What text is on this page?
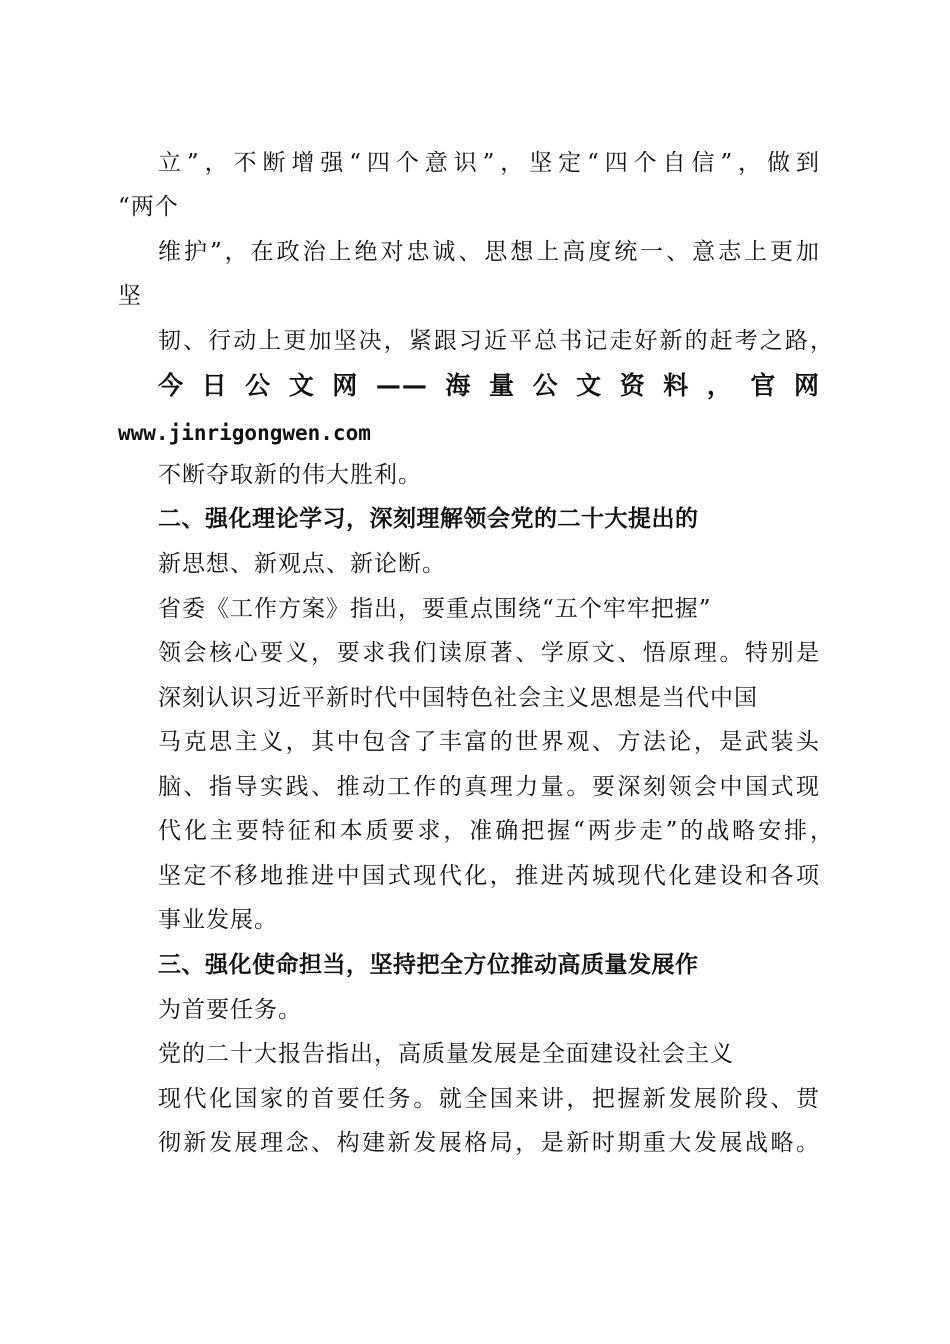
立”，不断增强“四个意识”，坚定“四个自信”，做到
“两个
维护”，在政治上绝对忠诚、思想上高度统一、意志上更加
坚
韧、行动上更加坚决，紧跟习近平总书记走好新的赶考之路，
今日公文网——海量公文资料，官网
www.jinrigongwen.com
不断夺取新的伟大胜利。
二、强化理论学习，深刻理解领会党的二十大提出的
新思想、新观点、新论断。
省委《工作方案》指出，要重点围绕“五个牢牢把握”
领会核心要义，要求我们读原著、学原文、悟原理。特别是
深刻认识习近平新时代中国特色社会主义思想是当代中国
马克思主义，其中包含了丰富的世界观、方法论，是武装头
脑、指导实践、推动工作的真理力量。要深刻领会中国式现
代化主要特征和本质要求，准确把握“两步走”的战略安排，
坚定不移地推进中国式现代化，推进芮城现代化建设和各项
事业发展。
三、强化使命担当，坚持把全方位推动高质量发展作
为首要任务。
党的二十大报告指出，高质量发展是全面建设社会主义
现代化国家的首要任务。就全国来讲，把握新发展阶段、贯
彻新发展理念、构建新发展格局，是新时期重大发展战略。
